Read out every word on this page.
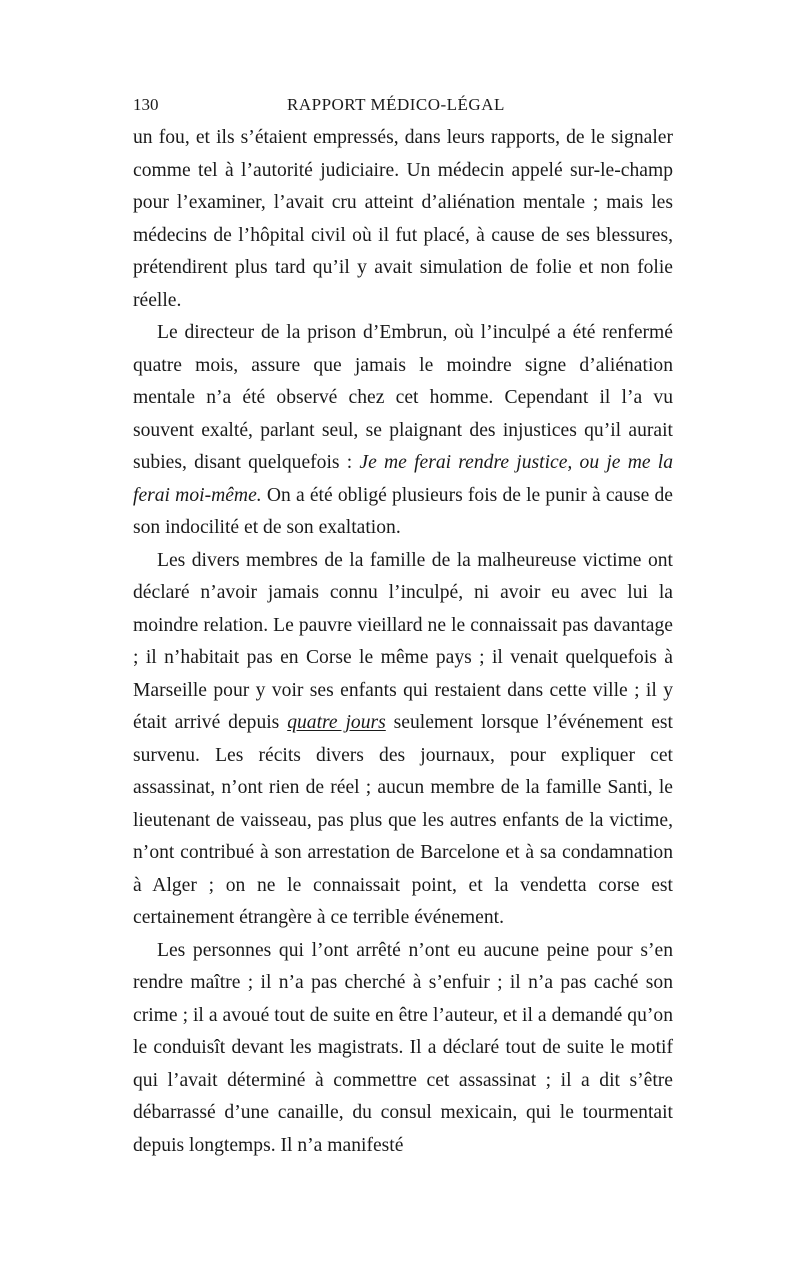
130	RAPPORT MÉDICO-LÉGAL

un fou, et ils s’étaient empressés, dans leurs rapports, de le signaler comme tel à l’autorité judiciaire. Un médecin appelé sur-le-champ pour l’examiner, l’avait cru atteint d’aliénation mentale ; mais les médecins de l’hôpital civil où il fut placé, à cause de ses blessures, prétendirent plus tard qu’il y avait simulation de folie et non folie réelle.

Le directeur de la prison d’Embrun, où l’inculpé a été renfermé quatre mois, assure que jamais le moindre signe d’aliénation mentale n’a été observé chez cet homme. Cependant il l’a vu souvent exalté, parlant seul, se plaignant des injustices qu’il aurait subies, disant quelquefois : Je me ferai rendre justice, ou je me la ferai moi-même. On a été obligé plusieurs fois de le punir à cause de son indocilité et de son exaltation.

Les divers membres de la famille de la malheureuse victime ont déclaré n’avoir jamais connu l’inculpé, ni avoir eu avec lui la moindre relation. Le pauvre vieillard ne le connaissait pas davantage ; il n’habitait pas en Corse le même pays ; il venait quelquefois à Marseille pour y voir ses enfants qui restaient dans cette ville ; il y était arrivé depuis quatre jours seulement lorsque l’événement est survenu. Les récits divers des journaux, pour expliquer cet assassinat, n’ont rien de réel ; aucun membre de la famille Santi, le lieutenant de vaisseau, pas plus que les autres enfants de la victime, n’ont contribué à son arrestation de Barcelone et à sa condamnation à Alger ; on ne le connaissait point, et la vendetta corse est certainement étrangère à ce terrible événement.

Les personnes qui l’ont arrêté n’ont eu aucune peine pour s’en rendre maître ; il n’a pas cherché à s’enfuir ; il n’a pas caché son crime ; il a avoué tout de suite en être l’auteur, et il a demandé qu’on le conduisît devant les magistrats. Il a déclaré tout de suite le motif qui l’avait déterminé à commettre cet assassinat ; il a dit s’être débarrassé d’une canaille, du consul mexicain, qui le tourmentait depuis longtemps. Il n’a manifesté
